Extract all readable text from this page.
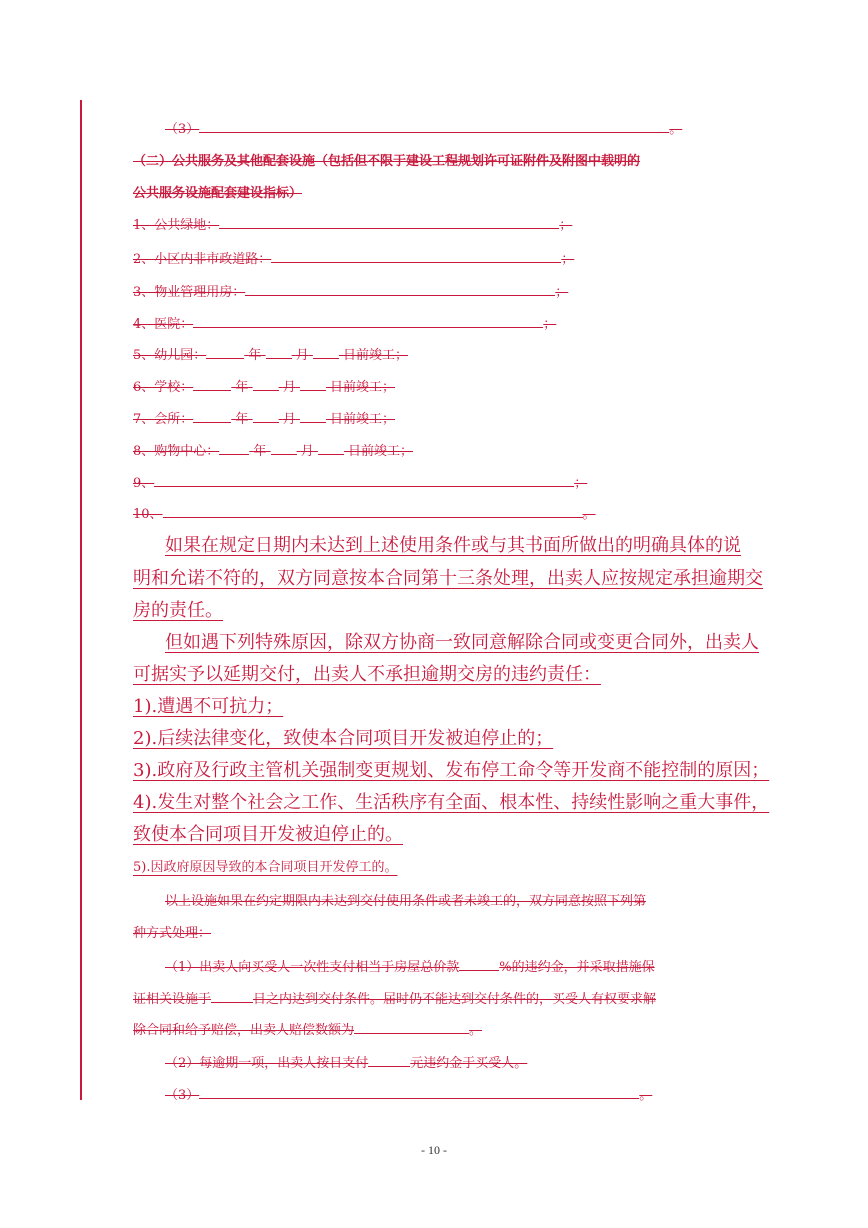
（3）	。
（二）公共服务及其他配套设施（包括但不限于建设工程规划许可证附件及附图中载明的
公共服务设施配套建设指标）
1、公共绿地：	；
2、小区内非市政道路：	；
3、物业管理用房：	；
4、医院：	；
5、幼儿园：	年	月	日前竣工；
6、学校：	年	月	日前竣工；
7、会所：	年	月	日前竣工；
8、购物中心：	年	月	日前竣工；
9、	；
10、	。
如果在规定日期内未达到上述使用条件或与其书面所做出的明确具体的说
明和允诺不符的，双方同意按本合同第十三条处理，出卖人应按规定承担逾期交
房的责任。
但如遇下列特殊原因，除双方协商一致同意解除合同或变更合同外，出卖人
可据实予以延期交付，出卖人不承担逾期交房的违约责任：
1).遭遇不可抗力；
2).后续法律变化，致使本合同项目开发被迫停止的；
3).政府及行政主管机关强制变更规划、发布停工命令等开发商不能控制的原因；
4).发生对整个社会之工作、生活秩序有全面、根本性、持续性影响之重大事件，
致使本合同项目开发被迫停止的。
5).因政府原因导致的本合同项目开发停工的。
以上设施如果在约定期限内未达到交付使用条件或者未竣工的，双方同意按照下列第
种方式处理：
（1）出卖人向买受人一次性支付相当于房屋总价款	%的违约金，并采取措施保
证相关设施于	日之内达到交付条件。届时仍不能达到交付条件的，买受人有权要求解
除合同和给予赔偿，出卖人赔偿数额为	。
（2）每逾期一项，出卖人按日支付	元违约金于买受人。
（3）	。
- 10 -
